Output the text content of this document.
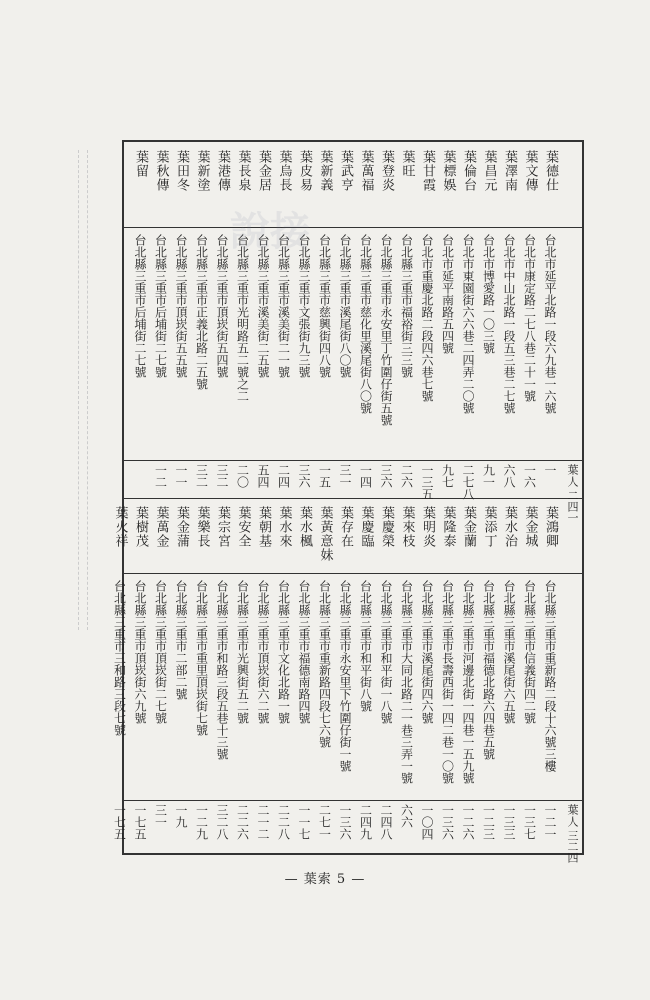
葉德仕
葉文傳
葉澤南
葉昌元
葉倫台
葉標娛
葉甘霞
葉旺
葉登炎
葉萬福
葉武亨
葉新義
葉皮易
葉烏長
葉金居
葉長泉
葉港傳
葉新塗
葉田冬
葉秋傳
葉留
台北市延平北路一段六九巷一六號
台北市康定路二七八巷二十一號
台北市中山北路一段五三巷二七號
台北市博愛路一〇三號
台北市東園街六六巷二四弄二〇號
台北市延平南路五四號
台北市重慶北路二段四六巷七號
台北縣三重市福裕街三三號
台北縣三重市永安里丁竹圍仔街五號
台北縣三重市慈化里溪尾街八〇號
台北縣三重市溪尾街八〇號
台北縣三重市慈興街四八號
台北縣三重市文張街九三號
台北縣三重市溪美街二一號
台北縣三重市溪美街二五號
台北縣三重市光明路五二號之二
台北縣三重市頂崁街五四號
台北縣三重市正義北路二五號
台北縣三重市頂崁街五五號
台北縣三重市后埔街二七號
台北縣三重市后埔街二七號
一
一六
六八
九一
二七八
九七
一三五
二六
三六
一四
三一
一五
三六
二四
五四
二〇
三二
三二
一一
一二
二四一
葉人
葉鴻卿
葉金城
葉水治
葉添丁
葉金蘭
葉隆泰
葉明炎
葉來枝
葉慶榮
葉慶臨
葉存在
葉黃意妹
葉水楓
葉水來
葉朝基
葉安全
葉宗宮
葉樂長
葉金蒲
葉萬金
葉樹茂
葉火祥
台北縣三重市重新路二段十六號三樓
台北縣三重市信義街四二號
台北縣三重市溪尾街六五號
台北縣三重市福德北路六四巷五號
台北縣三重市河邊北街一四巷一五九號
台北縣三重市長壽西街一四二巷一〇號
台北縣三重市溪尾街四六號
台北縣三重市大同北路二一巷三弄一號
台北縣三重市和平街一八號
台北縣三重市和平街八號
台北縣三重市永安里下竹圍仔街一號
台北縣三重市重新路四段七六號
台北縣三重市福德南路四號
台北縣三重市文化北路一號
台北縣三重市頂崁街六二號
台北縣三重市光興街五二號
台北縣三重市和路三段五巷十三號
台北縣三重市重里頂崁街七號
台北縣三重市二部二號
台北縣三重市頂崁街二七號
台北縣三重市頂崁街六九號
台北縣三重市三和路三段七號
一二一
一三七
一三三
一二三
一二六
一三六
一〇四
六六
二四八
二四九
一三六
二七一
一一七
二二八
二一二
二二六
三二八
一二九
一九
三一
一七五
一七五
三二四
葉人
說接
— 葉索 5 —
